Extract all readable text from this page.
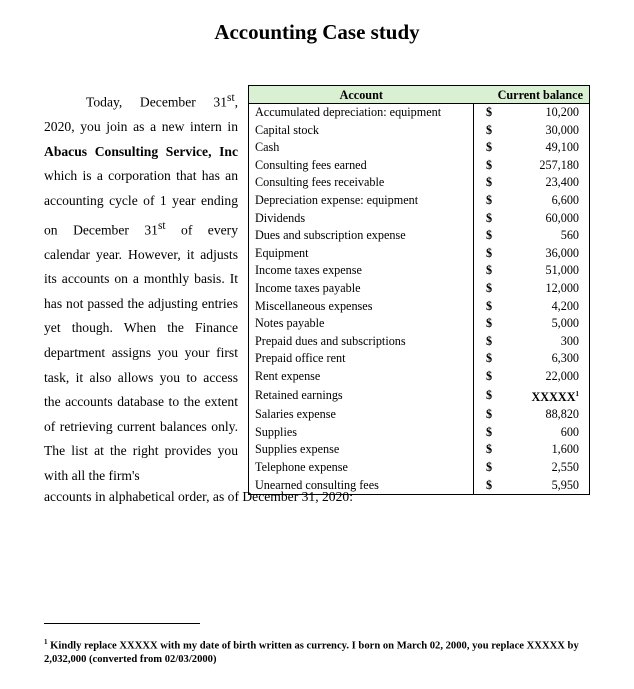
Accounting Case study
Today, December 31st, 2020, you join as a new intern in Abacus Consulting Service, Inc which is a corporation that has an accounting cycle of 1 year ending on December 31st of every calendar year. However, it adjusts its accounts on a monthly basis. It has not passed the adjusting entries yet though. When the Finance department assigns you your first task, it also allows you to access the accounts database to the extent of retrieving current balances only. The list at the right provides you with all the firm's
accounts in alphabetical order, as of December 31, 2020:
Account	Current balance	
Accumulated depreciation: equipment	$	10,200
Capital stock	$	30,000
Cash	$	49,100
Consulting fees earned	$	257,180
Consulting fees receivable	$	23,400
Depreciation expense: equipment	$	6,600
Dividends	$	60,000
Dues and subscription expense	$	560
Equipment	$	36,000
Income taxes expense	$	51,000
Income taxes payable	$	12,000
Miscellaneous expenses	$	4,200
Notes payable	$	5,000
Prepaid dues and subscriptions	$	300
Prepaid office rent	$	6,300
Rent expense	$	22,000
Retained earnings	$	XXXXX$^1$
Salaries expense	$	88,820
Supplies	$	600
Supplies expense	$	1,600
Telephone expense	$	2,550
Unearned consulting fees	$	5,950
$^1$ Kindly replace XXXXX with my date of birth written as currency. I born on March 02, 2000, you replace XXXXX by 2,032,000 (converted from 02/03/2000)
